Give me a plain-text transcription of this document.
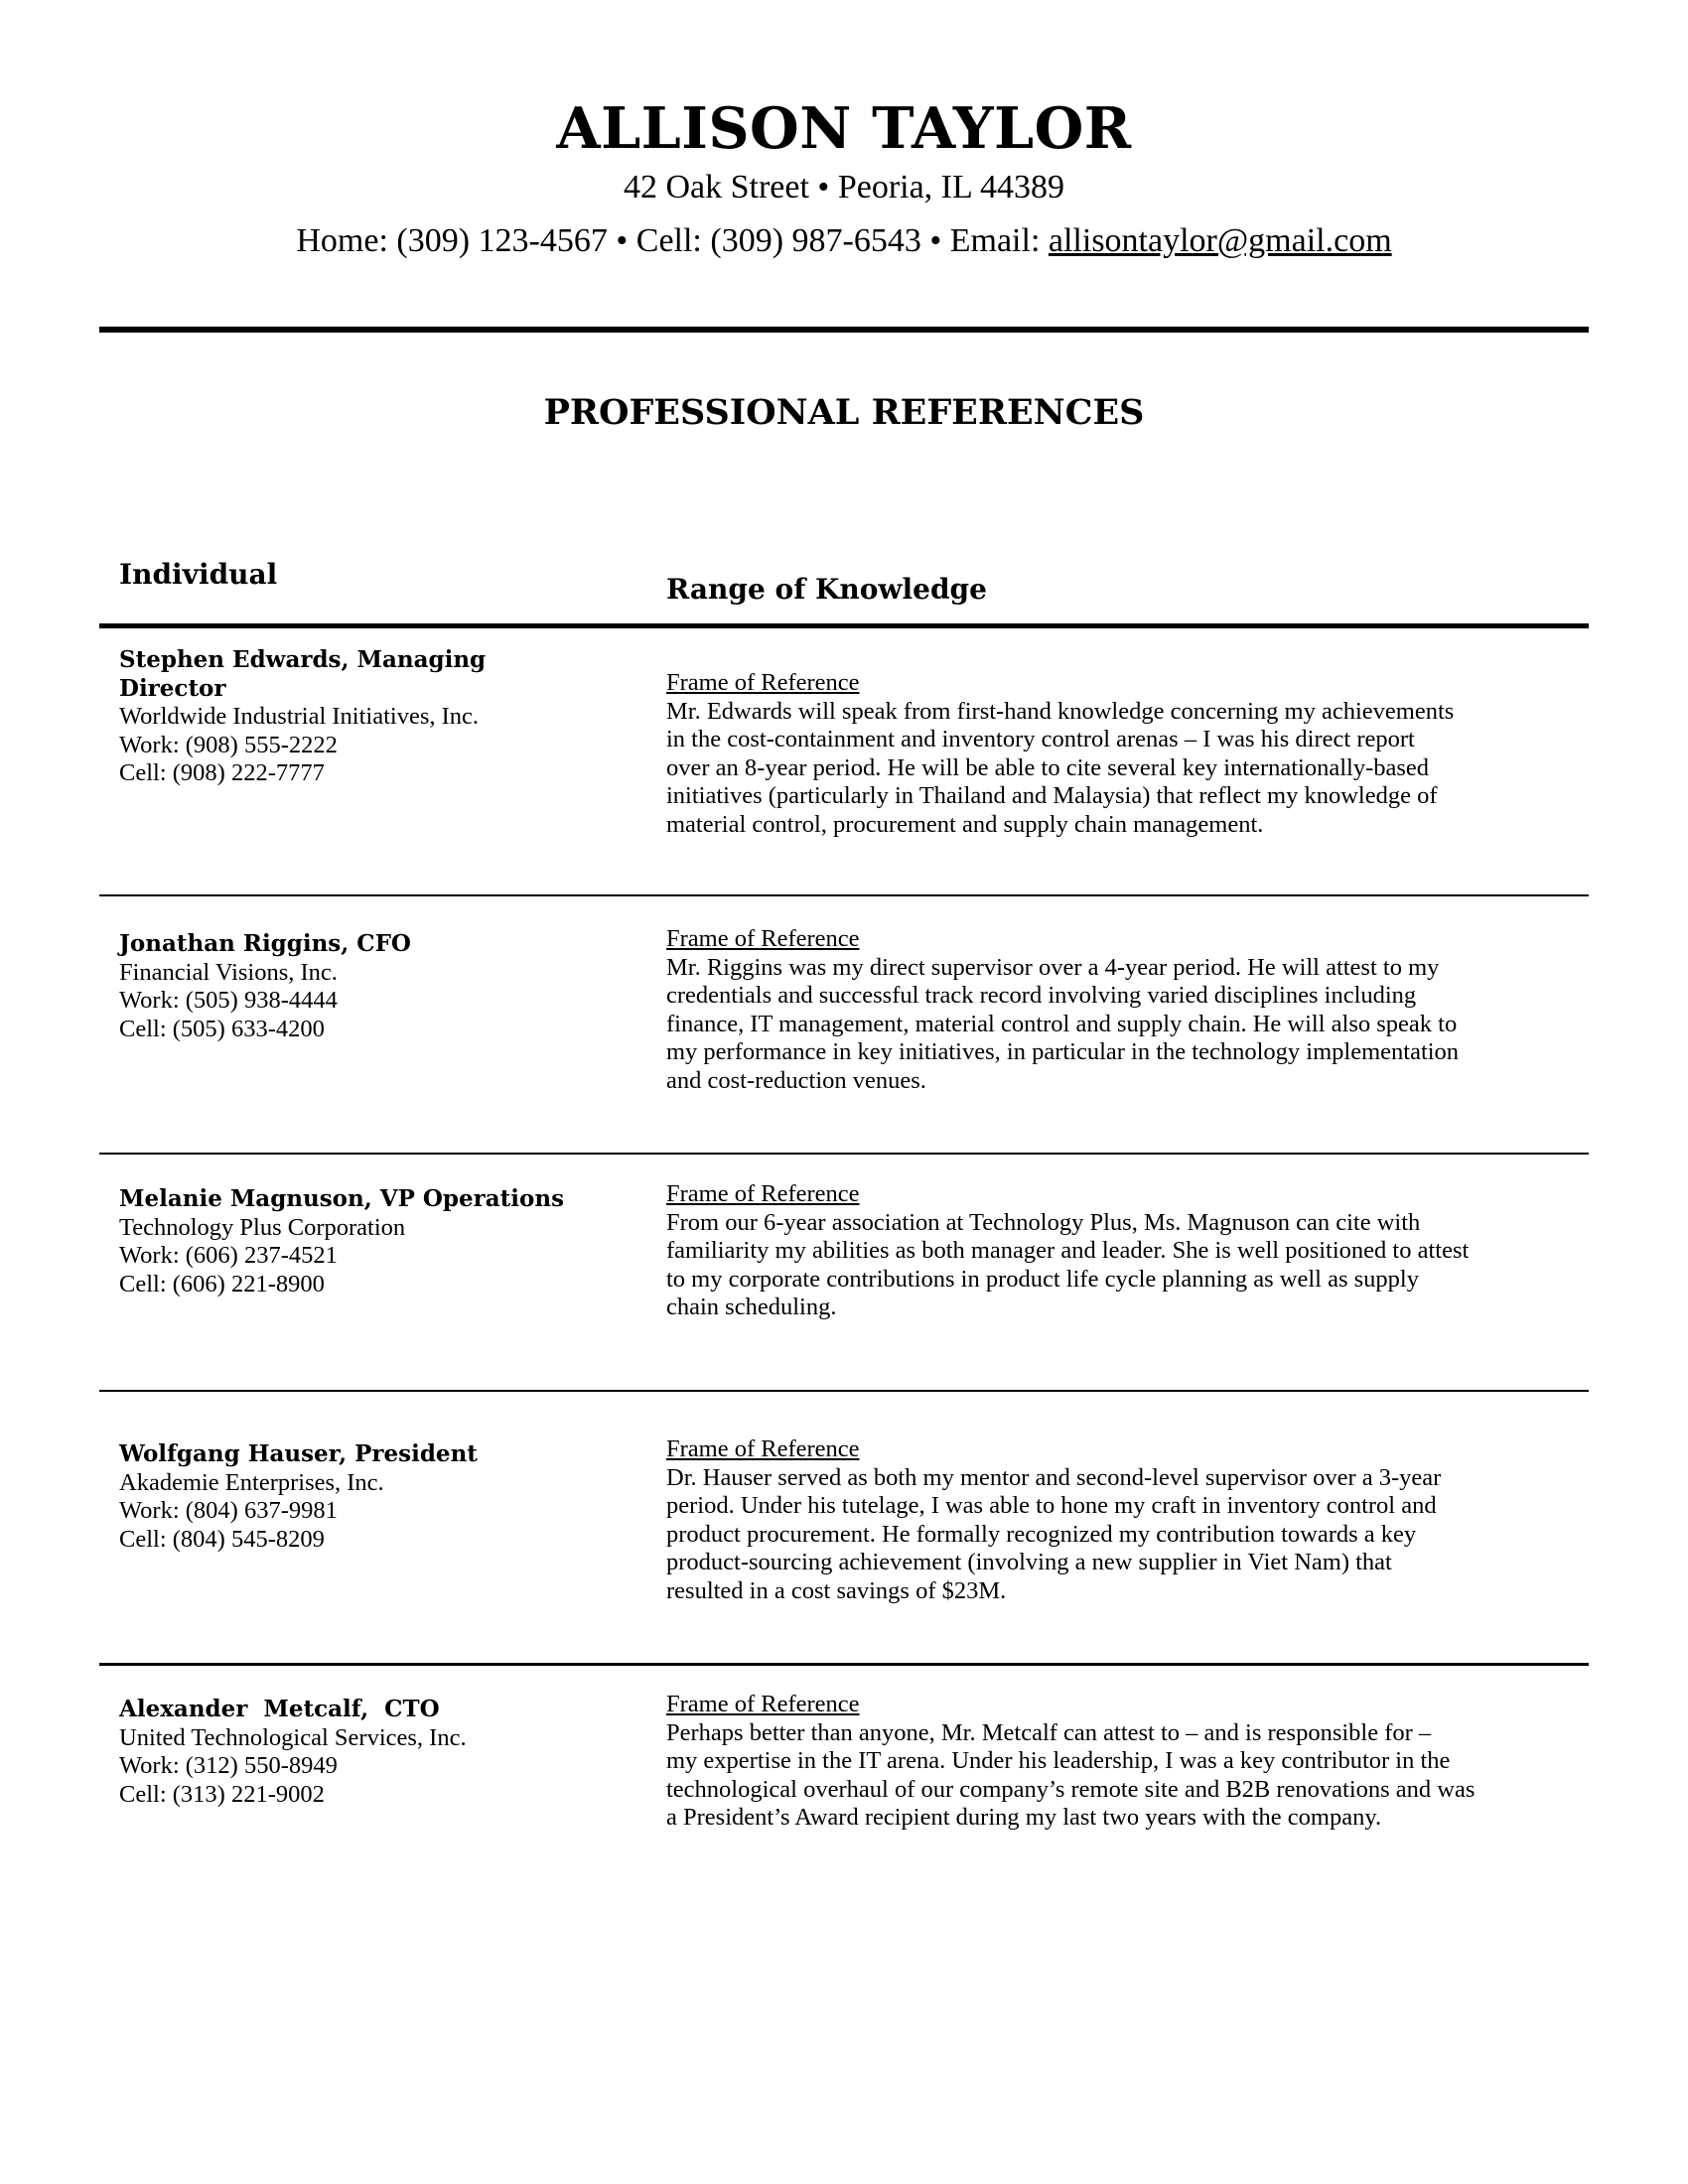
ALLISON TAYLOR
42 Oak Street • Peoria, IL 44389
Home: (309) 123-4567 • Cell: (309) 987-6543 • Email: allisontaylor@gmail.com
PROFESSIONAL REFERENCES
Individual	Range of Knowledge
Stephen Edwards, Managing
Director
Worldwide Industrial Initiatives, Inc.
Work: (908) 555-2222
Cell: (908) 222-7777
Frame of Reference
Mr. Edwards will speak from first-hand knowledge concerning my achievements
in the cost-containment and inventory control arenas – I was his direct report
over an 8-year period. He will be able to cite several key internationally-based
initiatives (particularly in Thailand and Malaysia) that reflect my knowledge of
material control, procurement and supply chain management.
Jonathan Riggins, CFO
Financial Visions, Inc.
Work: (505) 938-4444
Cell: (505) 633-4200
Frame of Reference
Mr. Riggins was my direct supervisor over a 4-year period. He will attest to my
credentials and successful track record involving varied disciplines including
finance, IT management, material control and supply chain. He will also speak to
my performance in key initiatives, in particular in the technology implementation
and cost-reduction venues.
Melanie Magnuson, VP Operations
Technology Plus Corporation
Work: (606) 237-4521
Cell: (606) 221-8900
Frame of Reference
From our 6-year association at Technology Plus, Ms. Magnuson can cite with
familiarity my abilities as both manager and leader. She is well positioned to attest
to my corporate contributions in product life cycle planning as well as supply
chain scheduling.
Wolfgang Hauser, President
Akademie Enterprises, Inc.
Work: (804) 637-9981
Cell: (804) 545-8209
Frame of Reference
Dr. Hauser served as both my mentor and second-level supervisor over a 3-year
period. Under his tutelage, I was able to hone my craft in inventory control and
product procurement. He formally recognized my contribution towards a key
product-sourcing achievement (involving a new supplier in Viet Nam) that
resulted in a cost savings of $23M.
Alexander  Metcalf,  CTO
United Technological Services, Inc.
Work: (312) 550-8949
Cell: (313) 221-9002
Frame of Reference
Perhaps better than anyone, Mr. Metcalf can attest to – and is responsible for –
my expertise in the IT arena. Under his leadership, I was a key contributor in the
technological overhaul of our company’s remote site and B2B renovations and was
a President’s Award recipient during my last two years with the company.
